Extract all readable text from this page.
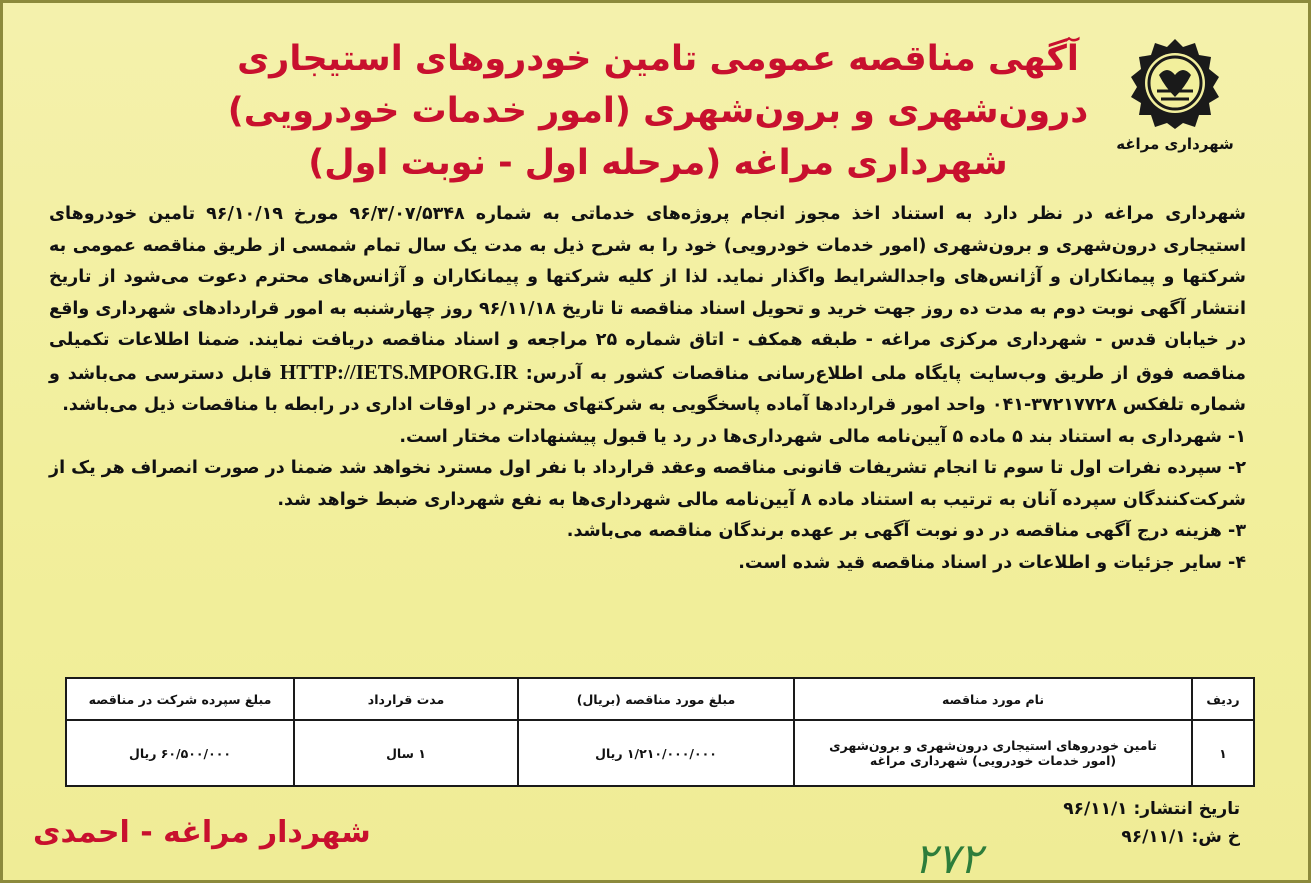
شهرداری مراغه
آگهی مناقصه عمومی تامین خودروهای استیجاری
درون‌شهری و برون‌شهری (امور خدمات خودرویی)
شهرداری مراغه (مرحله اول - نوبت اول)

شهرداری مراغه در نظر دارد به استناد اخذ مجوز انجام پروژه‌های خدماتی به شماره ۹۶/۳/۰۷/۵۳۴۸ مورخ ۹۶/۱۰/۱۹ تامین خودروهای استیجاری درون‌شهری و برون‌شهری (امور خدمات خودرویی) خود را به شرح ذیل به مدت یک سال تمام شمسی از طریق مناقصه عمومی به شرکتها و پیمانکاران و آژانس‌های واجدالشرایط واگذار نماید. لذا از کلیه شرکتها و پیمانکاران و آژانس‌های محترم دعوت می‌شود از تاریخ انتشار آگهی نوبت دوم به مدت ده روز جهت خرید و تحویل اسناد مناقصه تا تاریخ ۹۶/۱۱/۱۸ روز چهارشنبه به امور قراردادهای شهرداری واقع در خیابان قدس - شهرداری مرکزی مراغه - طبقه همکف - اتاق شماره ۲۵ مراجعه و اسناد مناقصه دریافت نمایند. ضمنا اطلاعات تکمیلی مناقصه فوق از طریق وب‌سایت پایگاه ملی اطلاع‌رسانی مناقصات کشور به آدرس: HTTP://IETS.MPORG.IR قابل دسترسی می‌باشد و شماره تلفکس ۳۷۲۱۷۷۲۸-۰۴۱ واحد امور قراردادها آماده پاسخگویی به شرکتهای محترم در اوقات اداری در رابطه با مناقصات ذیل می‌باشد.

۱- شهرداری به استناد بند ۵ ماده ۵ آیین‌نامه مالی شهرداری‌ها در رد یا قبول پیشنهادات مختار است.
۲- سپرده نفرات اول تا سوم تا انجام تشریفات قانونی مناقصه وعقد قرارداد با نفر اول مسترد نخواهد شد ضمنا در صورت انصراف هر یک از شرکت‌کنندگان سپرده آنان به ترتیب به استناد ماده ۸ آیین‌نامه مالی شهرداری‌ها به نفع شهرداری ضبط خواهد شد.
۳- هزینه درج آگهی مناقصه در دو نوبت آگهی بر عهده برندگان مناقصه می‌باشد.
۴- سایر جزئیات و اطلاعات در اسناد مناقصه قید شده است.
ردیف	نام مورد مناقصه	مبلغ مورد مناقصه (بریال)	مدت قرارداد	مبلغ سپرده شرکت در مناقصه
۱	تامین خودروهای استیجاری درون‌شهری و برون‌شهری
(امور خدمات خودرویی) شهرداری مراغه	۱/۲۱۰/۰۰۰/۰۰۰ ریال	۱ سال	۶۰/۵۰۰/۰۰۰ ریال
تاریخ انتشار: ۹۶/۱۱/۱
خ ش: ۹۶/۱۱/۱
شهردار مراغه - احمدی
۲۷۲
